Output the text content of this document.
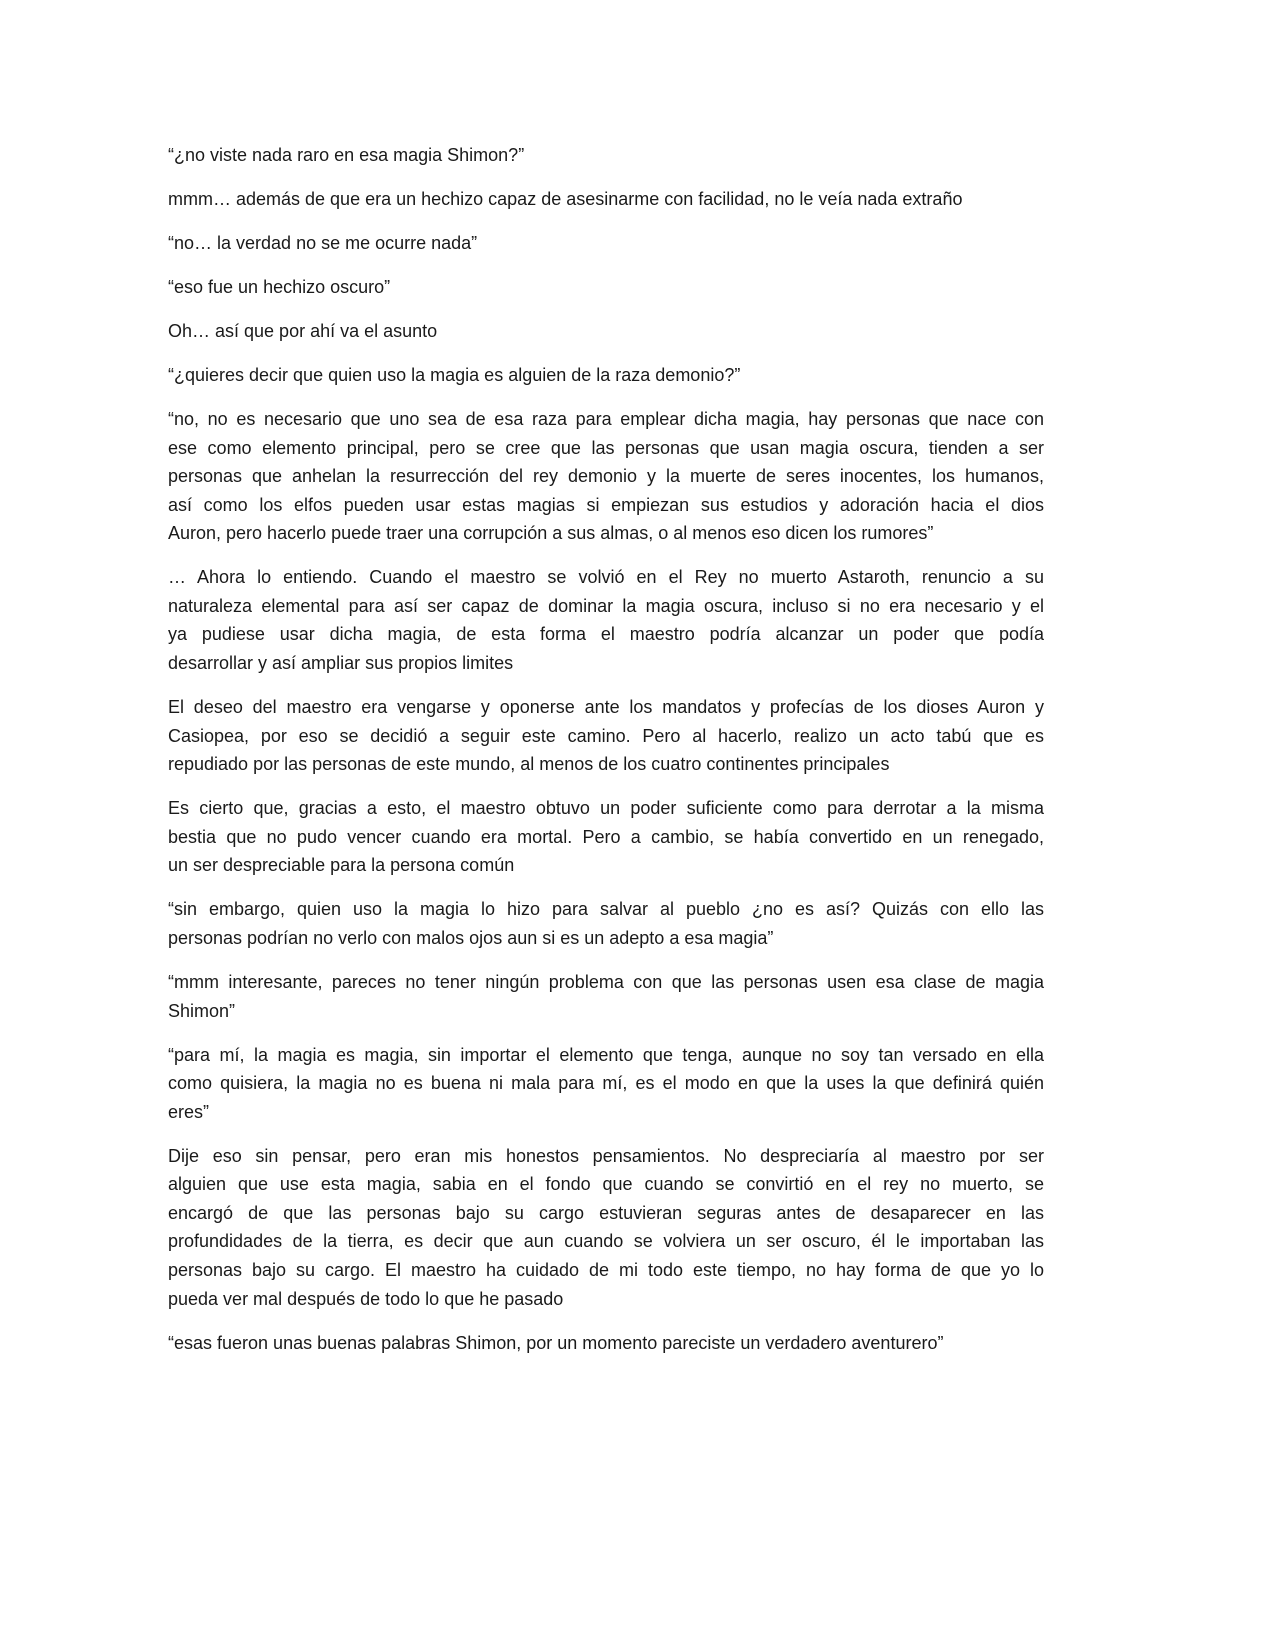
“¿no viste nada raro en esa magia Shimon?”

mmm… además de que era un hechizo capaz de asesinarme con facilidad, no le veía nada extraño

“no… la verdad no se me ocurre nada”

“eso fue un hechizo oscuro”

Oh… así que por ahí va el asunto

“¿quieres decir que quien uso la magia es alguien de la raza demonio?”

“no, no es necesario que uno sea de esa raza para emplear dicha magia, hay personas que nace con
ese como elemento principal, pero se cree que las personas que usan magia oscura, tienden a ser
personas que anhelan la resurrección del rey demonio y la muerte de seres inocentes, los humanos,
así como los elfos pueden usar estas magias si empiezan sus estudios y adoración hacia el dios
Auron, pero hacerlo puede traer una corrupción a sus almas, o al menos eso dicen los rumores”

… Ahora lo entiendo. Cuando el maestro se volvió en el Rey no muerto Astaroth, renuncio a su
naturaleza elemental para así ser capaz de dominar la magia oscura, incluso si no era necesario y el
ya pudiese usar dicha magia, de esta forma el maestro podría alcanzar un poder que podía
desarrollar y así ampliar sus propios limites

El deseo del maestro era vengarse y oponerse ante los mandatos y profecías de los dioses Auron y
Casiopea, por eso se decidió a seguir este camino. Pero al hacerlo, realizo un acto tabú que es
repudiado por las personas de este mundo, al menos de los cuatro continentes principales

Es cierto que, gracias a esto, el maestro obtuvo un poder suficiente como para derrotar a la misma
bestia que no pudo vencer cuando era mortal. Pero a cambio, se había convertido en un renegado,
un ser despreciable para la persona común

“sin embargo, quien uso la magia lo hizo para salvar al pueblo ¿no es así? Quizás con ello las
personas podrían no verlo con malos ojos aun si es un adepto a esa magia”

“mmm interesante, pareces no tener ningún problema con que las personas usen esa clase de magia
Shimon”

“para mí, la magia es magia, sin importar el elemento que tenga, aunque no soy tan versado en ella
como quisiera, la magia no es buena ni mala para mí, es el modo en que la uses la que definirá quién
eres”

Dije eso sin pensar, pero eran mis honestos pensamientos. No despreciaría al maestro por ser
alguien que use esta magia, sabia en el fondo que cuando se convirtió en el rey no muerto, se
encargó de que las personas bajo su cargo estuvieran seguras antes de desaparecer en las
profundidades de la tierra, es decir que aun cuando se volviera un ser oscuro, él le importaban las
personas bajo su cargo. El maestro ha cuidado de mi todo este tiempo, no hay forma de que yo lo
pueda ver mal después de todo lo que he pasado

“esas fueron unas buenas palabras Shimon, por un momento pareciste un verdadero aventurero”
